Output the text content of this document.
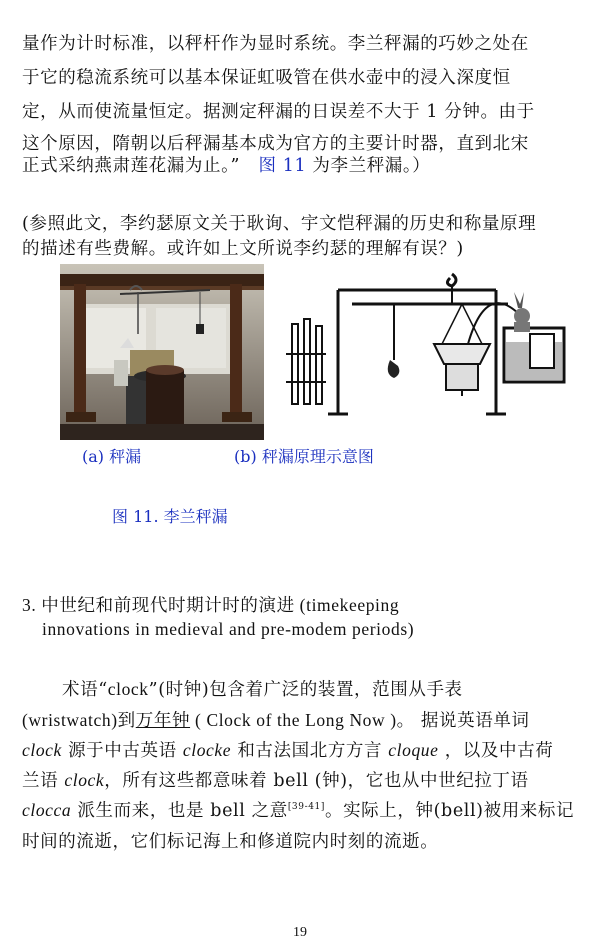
量作为计时标准，以秤杆作为显时系统。李兰秤漏的巧妙之处在
于它的稳流系统可以基本保证虹吸管在供水壶中的浸入深度恒
定，从而使流量恒定。据测定秤漏的日误差不大于 1 分钟。由于
这个原因，隋朝以后秤漏基本成为官方的主要计时器，直到北宋
正式采纳燕肃莲花漏为止。” 图 11 为李兰秤漏。）
(参照此文，李约瑟原文关于耿询、宇文恺秤漏的历史和称量原理
的描述有些费解。或许如上文所说李约瑟的理解有误？)
(a) 秤漏	(b) 秤漏原理示意图
图 11. 李兰秤漏
3. 中世纪和前现代时期计时的演进 (timekeeping
innovations in medieval and pre-modem periods)
术语“clock”(时钟)包含着广泛的装置，范围从手表
(wristwatch)到万年钟 ( Clock of the Long Now )。 据说英语单词
clock 源于中古英语 clocke 和古法国北方方言 cloque ，以及中古荷
兰语 clock，所有这些都意味着 bell (钟)，它也从中世纪拉丁语
clocca 派生而来，也是 bell 之意[39-41]。实际上，钟(bell)被用来标记
时间的流逝，它们标记海上和修道院内时刻的流逝。
19
